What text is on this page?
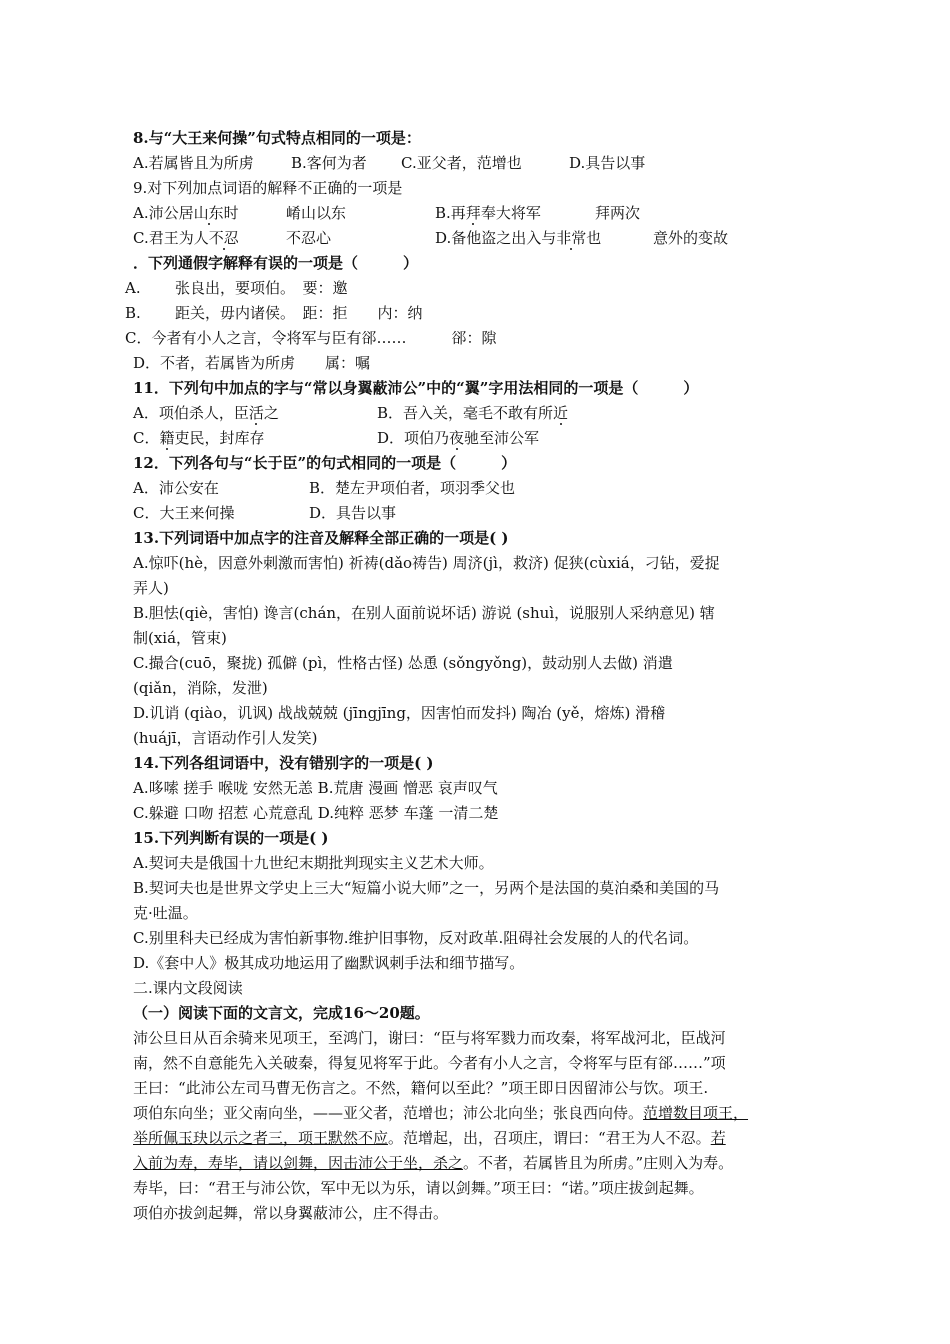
8.与“大王来何操”句式特点相同的一项是：
A.若属皆且为所虏 B.客何为者 C.亚父者，范增也	D.具告以事
9.对下列加点词语的解释不正确的一项是
A.沛公居山东时	崤山以东	B.再拜奉大将军	拜两次
C.君王为人不忍	不忍心	D.备他盗之出入与非常也	意外的变故
．下列通假字解释有误的一项是（　　　）
A. 张良出，要项伯。　要：邀
B. 距关，毋内诸侯。　距：拒　　内：纳
C．今者有小人之言，令将军与臣有郤……　　　郤：隙
D．不者，若属皆为所虏　　属：嘱
11．下列句中加点的字与“常以身翼蔽沛公”中的“翼”字用法相同的一项是（　　　）
A．项伯杀人，臣活之	B．吾入关，毫毛不敢有所近
C．籍吏民，封库存	D．项伯乃夜驰至沛公军
12．下列各句与“长于臣”的句式相同的一项是（　　　）
A．沛公安在	B．楚左尹项伯者，项羽季父也
C．大王来何操	D．具告以事
13.下列词语中加点字的注音及解释全部正确的一项是( )
A.惊吓(hè，因意外刺激而害怕) 祈祷(dǎo祷告) 周济(jì，救济) 促狭(cùxiá，刁钻，爱捉
弄人)
B.胆怯(qiè，害怕) 谗言(chán，在别人面前说坏话) 游说 (shuì，说服别人采纳意见) 辖
制(xiá，管束)
C.撮合(cuō，聚拢) 孤僻 (pì，性格古怪) 怂恿 (sǒngyǒng)，鼓动别人去做) 消遣
(qiǎn，消除，发泄)
D.讥诮 (qiào，讥讽) 战战兢兢 (jīngjīng，因害怕而发抖) 陶冶 (yě，熔炼) 滑稽
(huájī，言语动作引人发笑)
14.下列各组词语中，没有错别字的一项是( )
A.哆嗦 搓手 喉咙 安然无恙 B.荒唐 漫画 憎恶 哀声叹气
C.躲避 口吻 招惹 心荒意乱 D.纯粹 恶梦 车蓬 一清二楚
15.下列判断有误的一项是( )
A.契诃夫是俄国十九世纪末期批判现实主义艺术大师。
B.契诃夫也是世界文学史上三大“短篇小说大师”之一，另两个是法国的莫泊桑和美国的马
克·吐温。
C.别里科夫已经成为害怕新事物.维护旧事物，反对政革.阻碍社会发展的人的代名词。
D.《套中人》极其成功地运用了幽默讽刺手法和细节描写。
二.课内文段阅读
（一）阅读下面的文言文，完成16～20题。
沛公旦日从百余骑来见项王，至鸿门，谢曰：“臣与将军戮力而攻秦，将军战河北，臣战河
南，然不自意能先入关破秦，得复见将军于此。今者有小人之言，令将军与臣有郤……”项
王曰：“此沛公左司马曹无伤言之。不然，籍何以至此？”项王即日因留沛公与饮。项王.
项伯东向坐；亚父南向坐，——亚父者，范增也；沛公北向坐；张良西向侍。范增数目项王，
举所佩玉玦以示之者三，项王默然不应。范增起，出，召项庄，谓曰：“君王为人不忍。若
入前为寿，寿毕，请以剑舞，因击沛公于坐，杀之。不者，若属皆且为所虏。”庄则入为寿。
寿毕，曰：“君王与沛公饮，军中无以为乐，请以剑舞。”项王曰：“诺。”项庄拔剑起舞。
项伯亦拔剑起舞，常以身翼蔽沛公，庄不得击。
